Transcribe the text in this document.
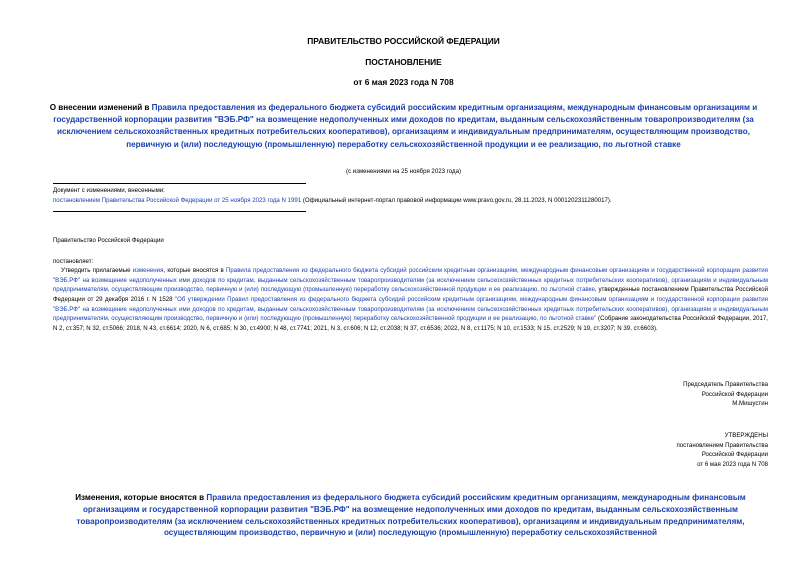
ПРАВИТЕЛЬСТВО РОССИЙСКОЙ ФЕДЕРАЦИИ
ПОСТАНОВЛЕНИЕ
от 6 мая 2023 года N 708
О внесении изменений в Правила предоставления из федерального бюджета субсидий российским кредитным организациям, международным финансовым организациям и государственной корпорации развития "ВЭБ.РФ" на возмещение недополученных ими доходов по кредитам, выданным сельскохозяйственным товаропроизводителям (за исключением сельскохозяйственных кредитных потребительских кооперативов), организациям и индивидуальным предпринимателям, осуществляющим производство, первичную и (или) последующую (промышленную) переработку сельскохозяйственной продукции и ее реализацию, по льготной ставке
(с изменениями на 25 ноября 2023 года)
Документ с изменениями, внесенными:
постановлением Правительства Российской Федерации от 25 ноября 2023 года N 1991 (Официальный интернет-портал правовой информации www.pravo.gov.ru, 28.11.2023, N 0001202311280017).
Правительство Российской Федерации
постановляет:
Утвердить прилагаемые изменения, которые вносятся в Правила предоставления из федерального бюджета субсидий российским кредитным организациям, международным финансовым организациям и государственной корпорации развития "ВЭБ.РФ" на возмещение недополученных ими доходов по кредитам, выданным сельскохозяйственным товаропроизводителям (за исключением сельскохозяйственных кредитных потребительских кооперативов), организациям и индивидуальным предпринимателям, осуществляющим производство, первичную и (или) последующую (промышленную) переработку сельскохозяйственной продукции и ее реализацию, по льготной ставке, утвержденные постановлением Правительства Российской Федерации от 29 декабря 2016 г. N 1528 "Об утверждении Правил предоставления из федерального бюджета субсидий российским кредитным организациям, международным финансовым организациям и государственной корпорации развития "ВЭБ.РФ" на возмещение недополученных ими доходов по кредитам, выданным сельскохозяйственным товаропроизводителям (за исключением сельскохозяйственных кредитных потребительских кооперативов), организациям и индивидуальным предпринимателям, осуществляющим производство, первичную и (или) последующую (промышленную) переработку сельскохозяйственной продукции и ее реализацию, по льготной ставке" (Собрание законодательства Российской Федерации, 2017, N 2, ст.357; N 32, ст.5066; 2018, N 43, ст.6614; 2020, N 6, ст.685; N 30, ст.4900; N 48, ст.7741; 2021, N 3, ст.606; N 12, ст.2038; N 37, ст.6536; 2022, N 8, ст.1175; N 10, ст.1533; N 15, ст.2529; N 19, ст.3207; N 39, ст.6603).
Председатель Правительства
Российской Федерации
М.Мишустин
УТВЕРЖДЕНЫ
постановлением Правительства
Российской Федерации
от 6 мая 2023 года N 708
Изменения, которые вносятся в Правила предоставления из федерального бюджета субсидий российским кредитным организациям, международным финансовым организациям и государственной корпорации развития "ВЭБ.РФ" на возмещение недополученных ими доходов по кредитам, выданным сельскохозяйственным товаропроизводителям (за исключением сельскохозяйственных кредитных потребительских кооперативов), организациям и индивидуальным предпринимателям, осуществляющим производство, первичную и (или) последующую (промышленную) переработку сельскохозяйственной
